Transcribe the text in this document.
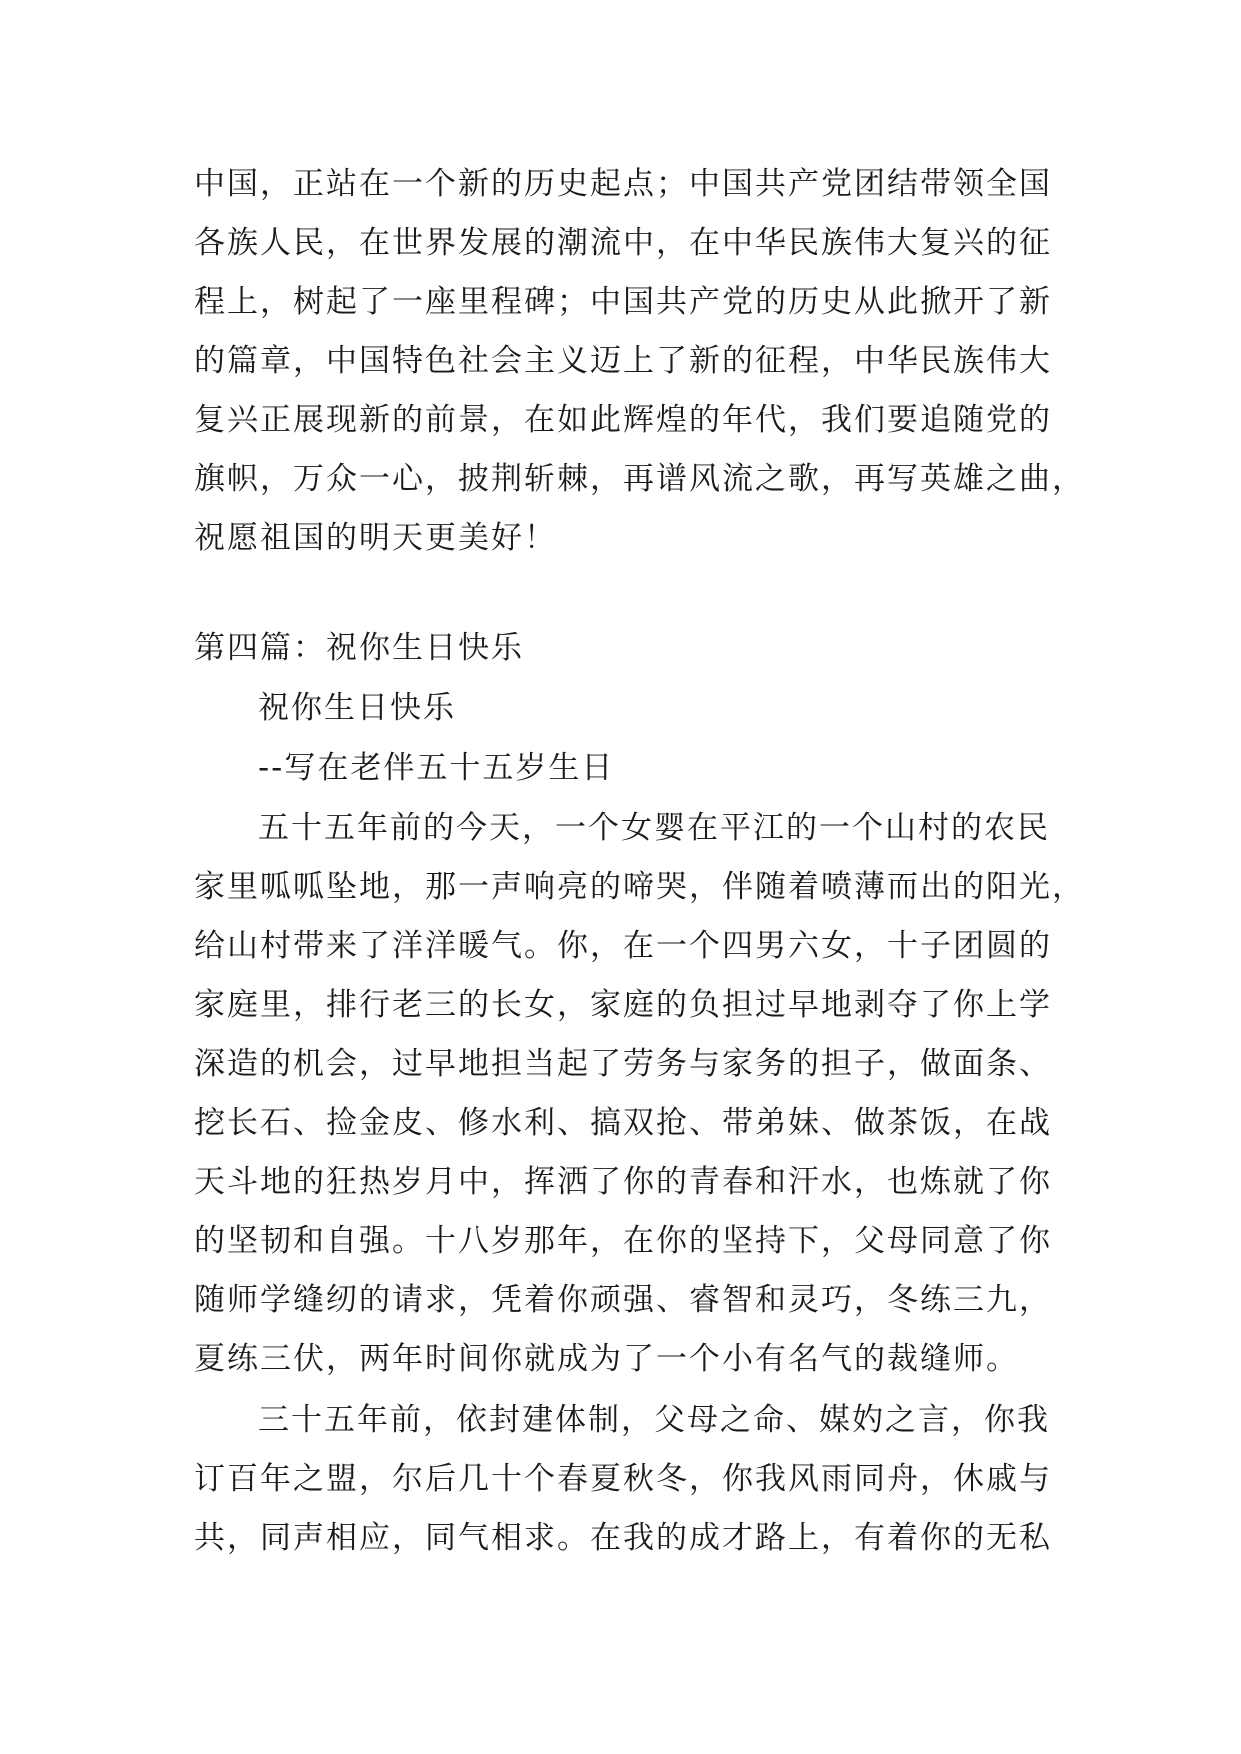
中国，正站在一个新的历史起点；中国共产党团结带领全国
各族人民，在世界发展的潮流中，在中华民族伟大复兴的征
程上，树起了一座里程碑；中国共产党的历史从此掀开了新
的篇章，中国特色社会主义迈上了新的征程，中华民族伟大
复兴正展现新的前景，在如此辉煌的年代，我们要追随党的
旗帜，万众一心，披荆斩棘，再谱风流之歌，再写英雄之曲，
祝愿祖国的明天更美好！
第四篇：祝你生日快乐
祝你生日快乐
--写在老伴五十五岁生日
五十五年前的今天，一个女婴在平江的一个山村的农民
家里呱呱坠地，那一声响亮的啼哭，伴随着喷薄而出的阳光，
给山村带来了洋洋暖气。你，在一个四男六女，十子团圆的
家庭里，排行老三的长女，家庭的负担过早地剥夺了你上学
深造的机会，过早地担当起了劳务与家务的担子，做面条、
挖长石、捡金皮、修水利、搞双抢、带弟妹、做茶饭，在战
天斗地的狂热岁月中，挥洒了你的青春和汗水，也炼就了你
的坚韧和自强。十八岁那年，在你的坚持下，父母同意了你
随师学缝纫的请求，凭着你顽强、睿智和灵巧，冬练三九，
夏练三伏，两年时间你就成为了一个小有名气的裁缝师。
三十五年前，依封建体制，父母之命、媒妁之言，你我
订百年之盟，尔后几十个春夏秋冬，你我风雨同舟，休戚与
共，同声相应，同气相求。在我的成才路上，有着你的无私
